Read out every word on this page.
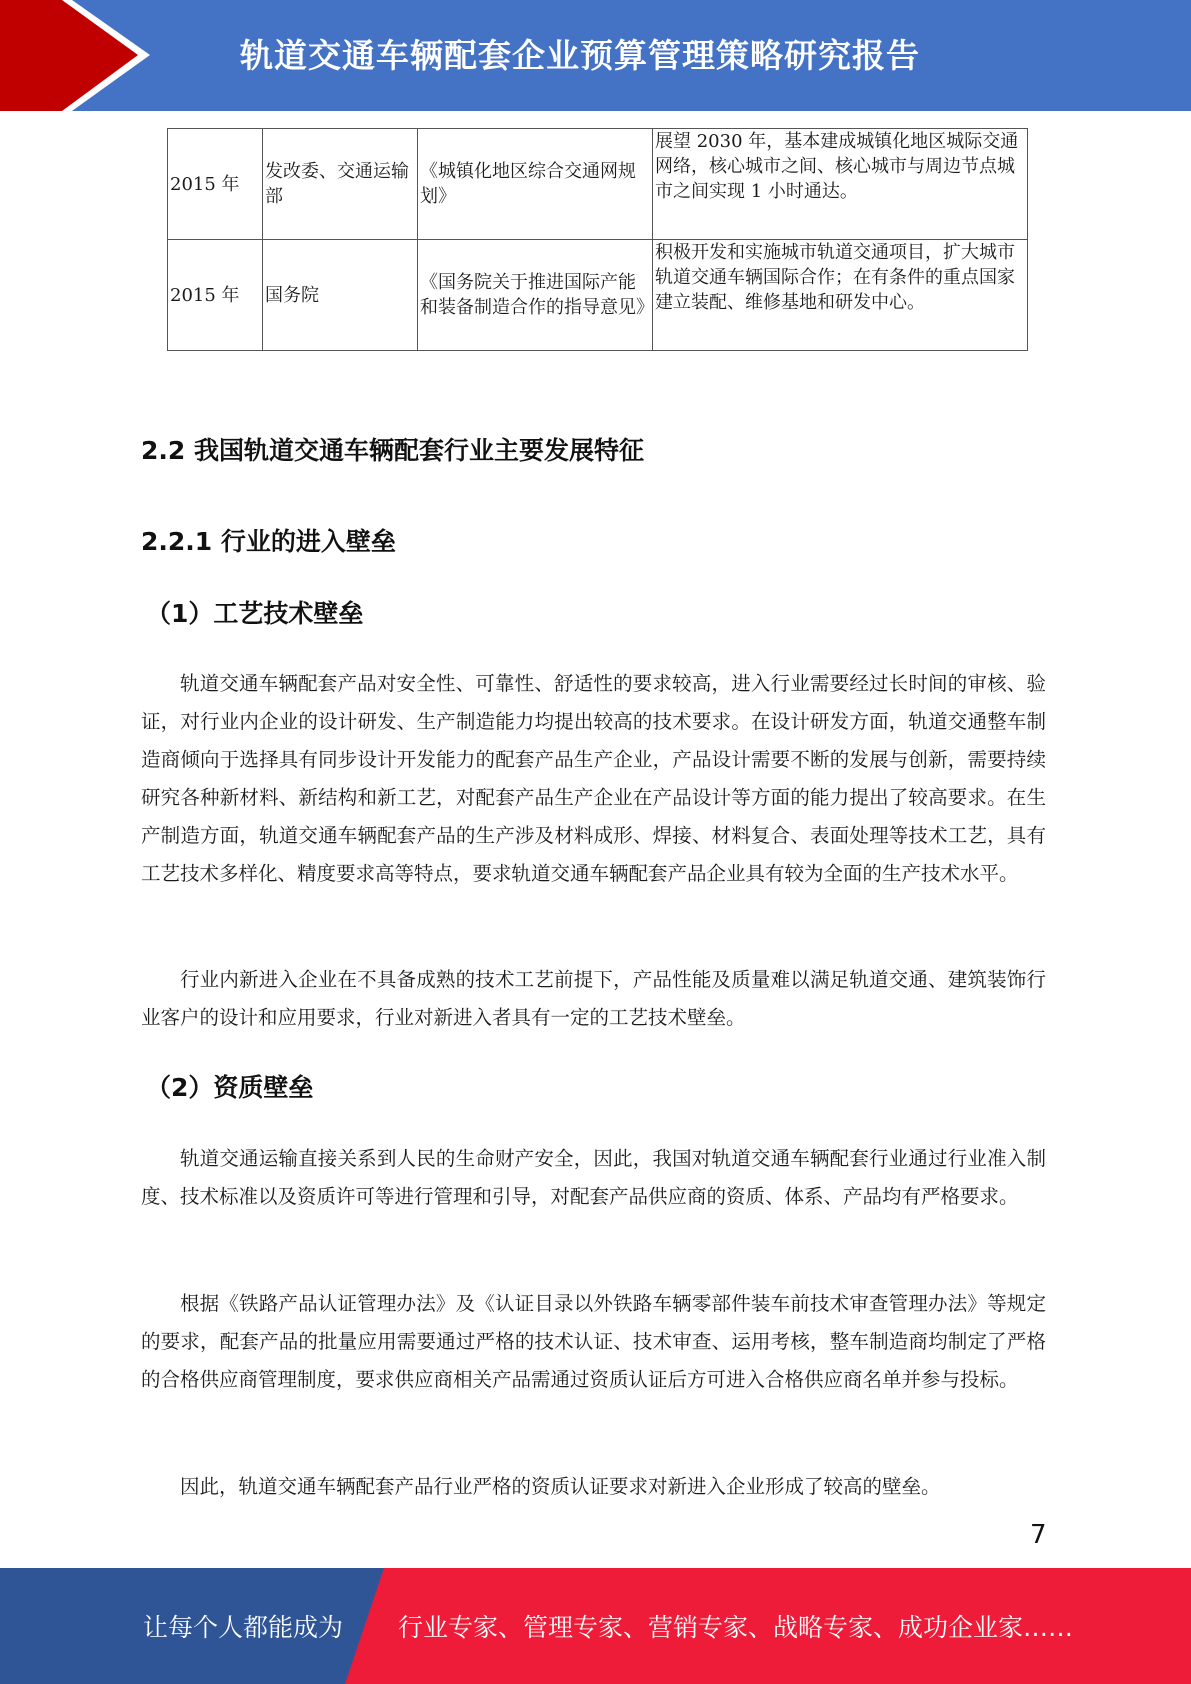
轨道交通车辆配套企业预算管理策略研究报告
2015 年	发改委、交通运输部	《城镇化地区综合交通网规划》	展望 2030 年，基本建成城镇化地区城际交通网络，核心城市之间、核心城市与周边节点城市之间实现 1 小时通达。
2015 年	国务院	《国务院关于推进国际产能和装备制造合作的指导意见》	积极开发和实施城市轨道交通项目，扩大城市轨道交通车辆国际合作；在有条件的重点国家建立装配、维修基地和研发中心。
2.2 我国轨道交通车辆配套行业主要发展特征
2.2.1 行业的进入壁垒
（1）工艺技术壁垒

轨道交通车辆配套产品对安全性、可靠性、舒适性的要求较高，进入行业需要经过长时间的审核、验证，对行业内企业的设计研发、生产制造能力均提出较高的技术要求。在设计研发方面，轨道交通整车制造商倾向于选择具有同步设计开发能力的配套产品生产企业，产品设计需要不断的发展与创新，需要持续研究各种新材料、新结构和新工艺，对配套产品生产企业在产品设计等方面的能力提出了较高要求。在生产制造方面，轨道交通车辆配套产品的生产涉及材料成形、焊接、材料复合、表面处理等技术工艺，具有工艺技术多样化、精度要求高等特点，要求轨道交通车辆配套产品企业具有较为全面的生产技术水平。

行业内新进入企业在不具备成熟的技术工艺前提下，产品性能及质量难以满足轨道交通、建筑装饰行业客户的设计和应用要求，行业对新进入者具有一定的工艺技术壁垒。

（2）资质壁垒

轨道交通运输直接关系到人民的生命财产安全，因此，我国对轨道交通车辆配套行业通过行业准入制度、技术标准以及资质许可等进行管理和引导，对配套产品供应商的资质、体系、产品均有严格要求。

根据《铁路产品认证管理办法》及《认证目录以外铁路车辆零部件装车前技术审查管理办法》等规定的要求，配套产品的批量应用需要通过严格的技术认证、技术审查、运用考核，整车制造商均制定了严格的合格供应商管理制度，要求供应商相关产品需通过资质认证后方可进入合格供应商名单并参与投标。

因此，轨道交通车辆配套产品行业严格的资质认证要求对新进入企业形成了较高的壁垒。

7
让每个人都能成为 行业专家、管理专家、营销专家、战略专家、成功企业家……
